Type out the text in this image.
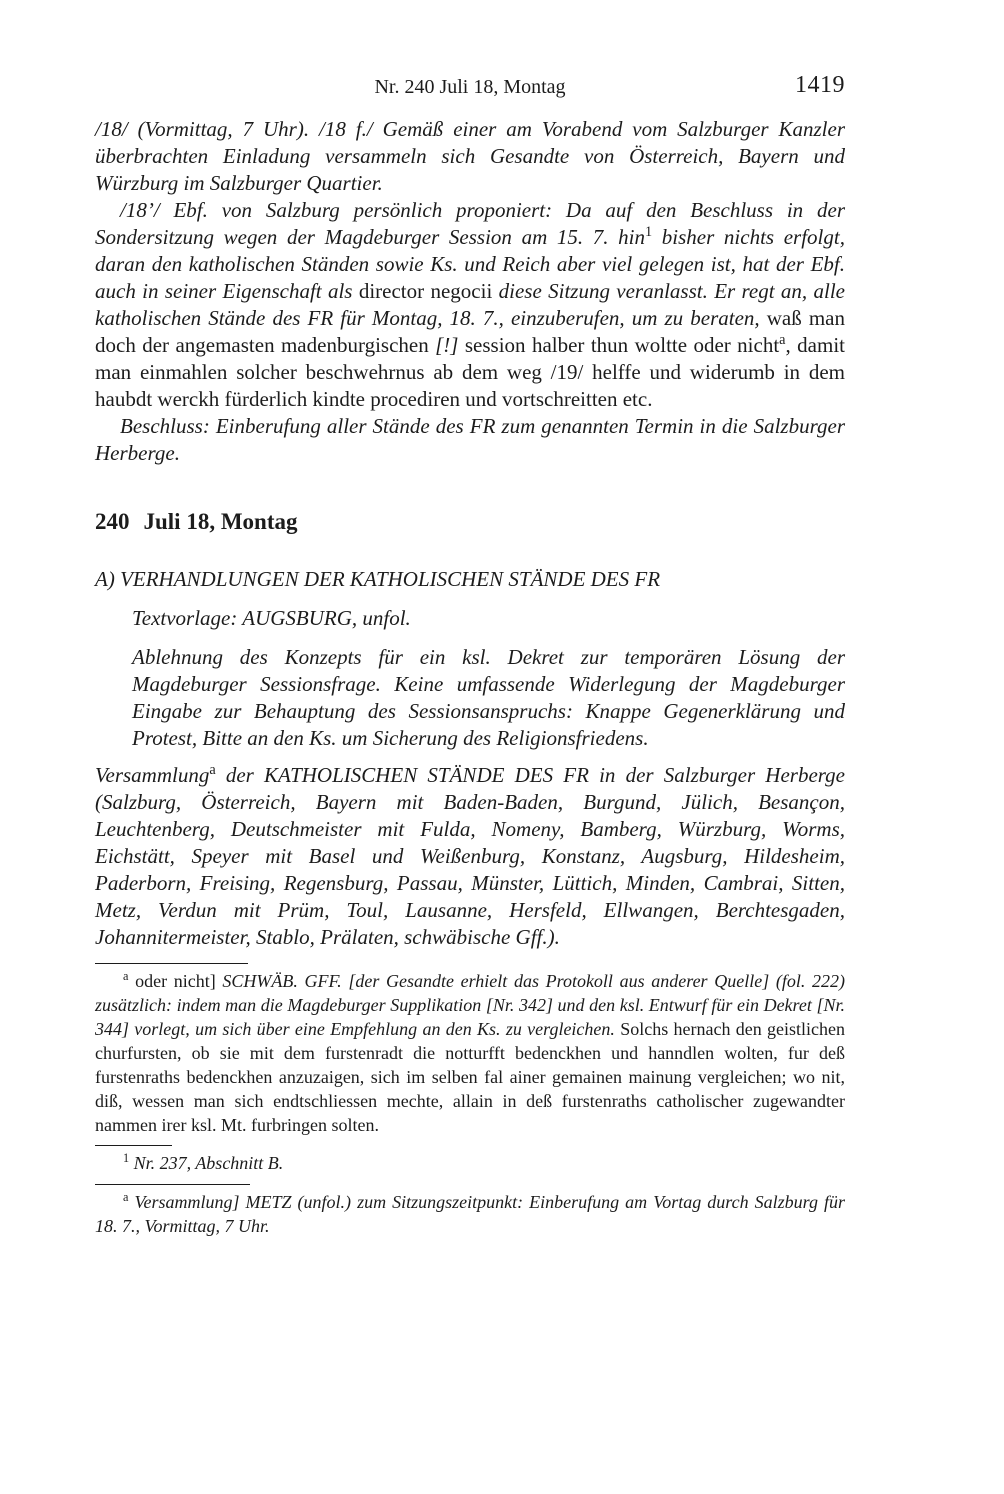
Nr. 240 Juli 18, Montag	1419

/18/ (Vormittag, 7 Uhr). /18 f./ Gemäß einer am Vorabend vom Salzburger Kanzler überbrachten Einladung versammeln sich Gesandte von Österreich, Bayern und Würzburg im Salzburger Quartier.

/18’/ Ebf. von Salzburg persönlich proponiert: Da auf den Beschluss in der Sondersitzung wegen der Magdeburger Session am 15. 7. hin$^1$ bisher nichts erfolgt, daran den katholischen Ständen sowie Ks. und Reich aber viel gelegen ist, hat der Ebf. auch in seiner Eigenschaft als director negocii diese Sitzung veranlasst. Er regt an, alle katholischen Stände des FR für Montag, 18. 7., einzuberufen, um zu beraten, waß man doch der angemasten madenburgischen [!] session halber thun woltte oder nicht$^a$, damit man einmahlen solcher beschwehrnus ab dem weg /19/ helffe und widerumb in dem haubdt werckh fürderlich kindte procediren und vortschreitten etc.

Beschluss: Einberufung aller Stände des FR zum genannten Termin in die Salzburger Herberge.

240 Juli 18, Montag
A) VERHANDLUNGEN DER KATHOLISCHEN STÄNDE DES FR
Textvorlage: AUGSBURG, unfol.
Ablehnung des Konzepts für ein ksl. Dekret zur temporären Lösung der Magdeburger Sessionsfrage. Keine umfassende Widerlegung der Magdeburger Eingabe zur Behauptung des Sessionsanspruchs: Knappe Gegenerklärung und Protest, Bitte an den Ks. um Sicherung des Religionsfriedens.

Versammlung$^a$ der KATHOLISCHEN STÄNDE DES FR in der Salzburger Herberge (Salzburg, Österreich, Bayern mit Baden-Baden, Burgund, Jülich, Besançon, Leuchtenberg, Deutschmeister mit Fulda, Nomeny, Bamberg, Würzburg, Worms, Eichstätt, Speyer mit Basel und Weißenburg, Konstanz, Augsburg, Hildesheim, Paderborn, Freising, Regensburg, Passau, Münster, Lüttich, Minden, Cambrai, Sitten, Metz, Verdun mit Prüm, Toul, Lausanne, Hersfeld, Ellwangen, Berchtesgaden, Johannitermeister, Stablo, Prälaten, schwäbische Gff.).

$^a$ oder nicht] SCHWÄB. GFF. [der Gesandte erhielt das Protokoll aus anderer Quelle] (fol. 222) zusätzlich: indem man die Magdeburger Supplikation [Nr. 342] und den ksl. Entwurf für ein Dekret [Nr. 344] vorlegt, um sich über eine Empfehlung an den Ks. zu vergleichen. Solchs hernach den geistlichen churfursten, ob sie mit dem furstenradt die notturfft bedenckhen und hanndlen wolten, fur deß furstenraths bedenckhen anzuzaigen, sich im selben fal ainer gemainen mainung vergleichen; wo nit, diß, wessen man sich endtschliessen mechte, allain in deß furstenraths catholischer zugewandter nammen irer ksl. Mt. furbringen solten.

$^1$ Nr. 237, Abschnitt B.

$^a$ Versammlung] METZ (unfol.) zum Sitzungszeitpunkt: Einberufung am Vortag durch Salzburg für 18. 7., Vormittag, 7 Uhr.
